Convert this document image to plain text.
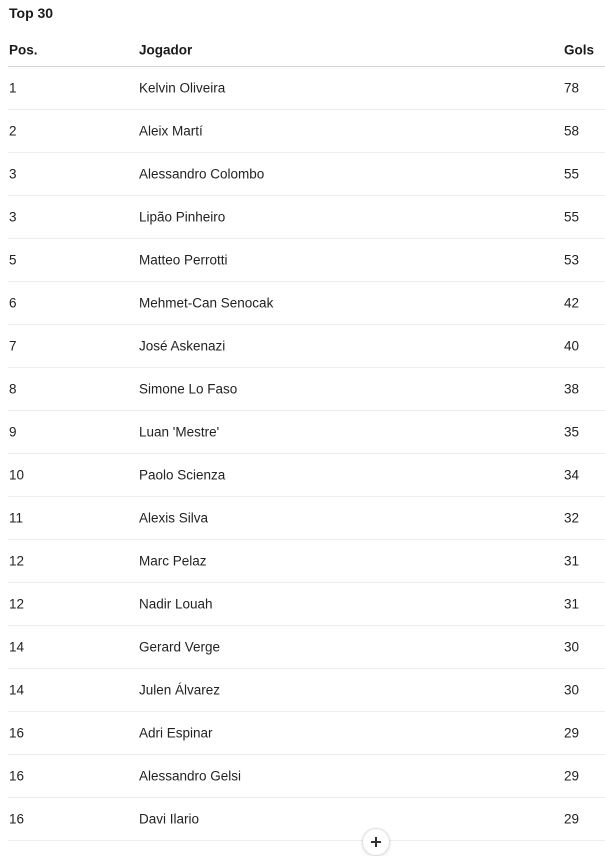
Top 30
Pos.	Jogador	Gols
1	Kelvin Oliveira	78
2	Aleix Martí	58
3	Alessandro Colombo	55
3	Lipão Pinheiro	55
5	Matteo Perrotti	53
6	Mehmet-Can Senocak	42
7	José Askenazi	40
8	Simone Lo Faso	38
9	Luan 'Mestre'	35
10	Paolo Scienza	34
11	Alexis Silva	32
12	Marc Pelaz	31
12	Nadir Louah	31
14	Gerard Verge	30
14	Julen Álvarez	30
16	Adri Espinar	29
16	Alessandro Gelsi	29
16	Davi Ilario	29
